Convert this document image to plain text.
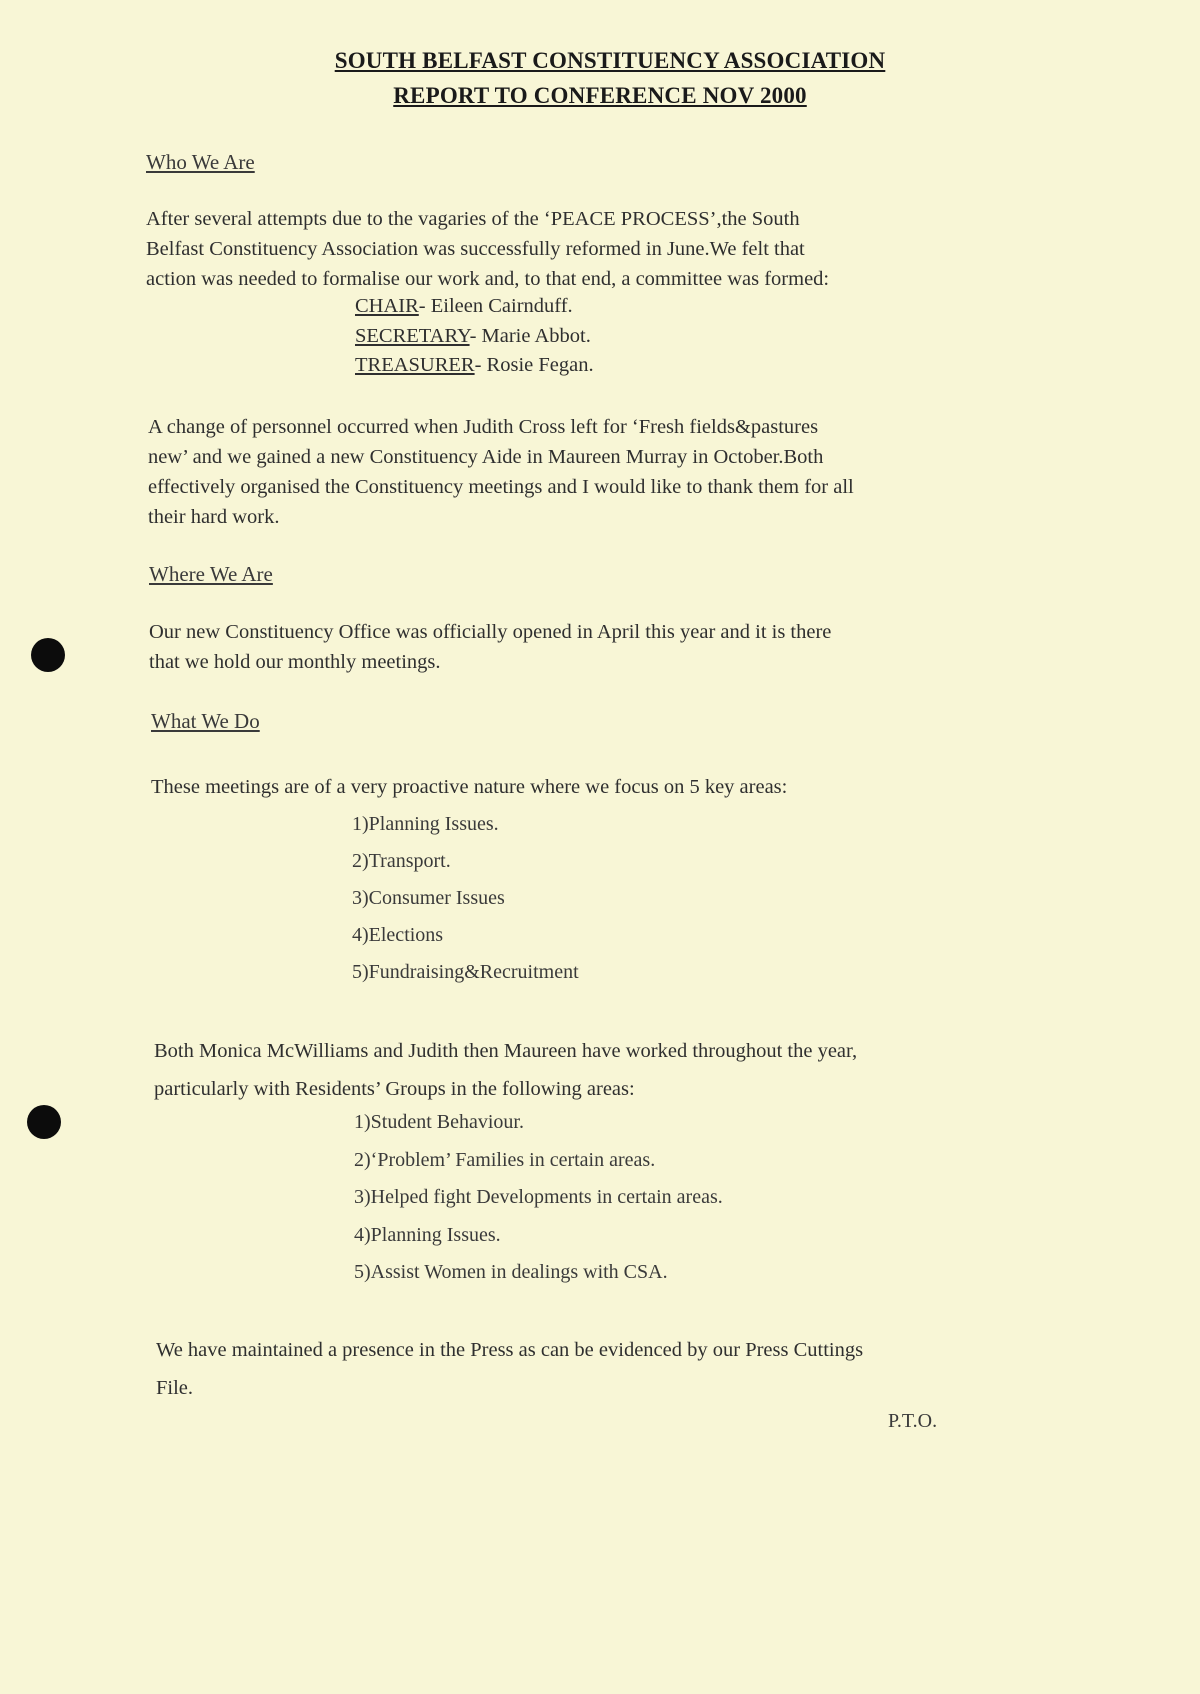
SOUTH BELFAST CONSTITUENCY ASSOCIATION
REPORT TO CONFERENCE NOV 2000
Who We Are
After several attempts due to the vagaries of the ‘PEACE PROCESS’,the South
Belfast Constituency Association was successfully reformed in June.We felt that
action was needed to formalise our work and, to that end, a committee was formed:
CHAIR- Eileen Cairnduff.
SECRETARY- Marie Abbot.
TREASURER- Rosie Fegan.
A change of personnel occurred when Judith Cross left for ‘Fresh fields&pastures
new’ and we gained a new Constituency Aide in Maureen Murray in October.Both
effectively organised the Constituency meetings and I would like to thank them for all
their hard work.
Where We Are
Our new Constituency Office was officially opened in April this year and it is there
that we hold our monthly meetings.
What We Do
These meetings are of a very proactive nature where we focus on 5 key areas:
1)Planning Issues.
2)Transport.
3)Consumer Issues
4)Elections
5)Fundraising&Recruitment
Both Monica McWilliams and Judith then Maureen have worked throughout the year,
particularly with Residents’ Groups in the following areas:
1)Student Behaviour.
2)‘Problem’ Families in certain areas.
3)Helped fight Developments in certain areas.
4)Planning Issues.
5)Assist Women in dealings with CSA.
We have maintained a presence in the Press as can be evidenced by our Press Cuttings
File.
P.T.O.
